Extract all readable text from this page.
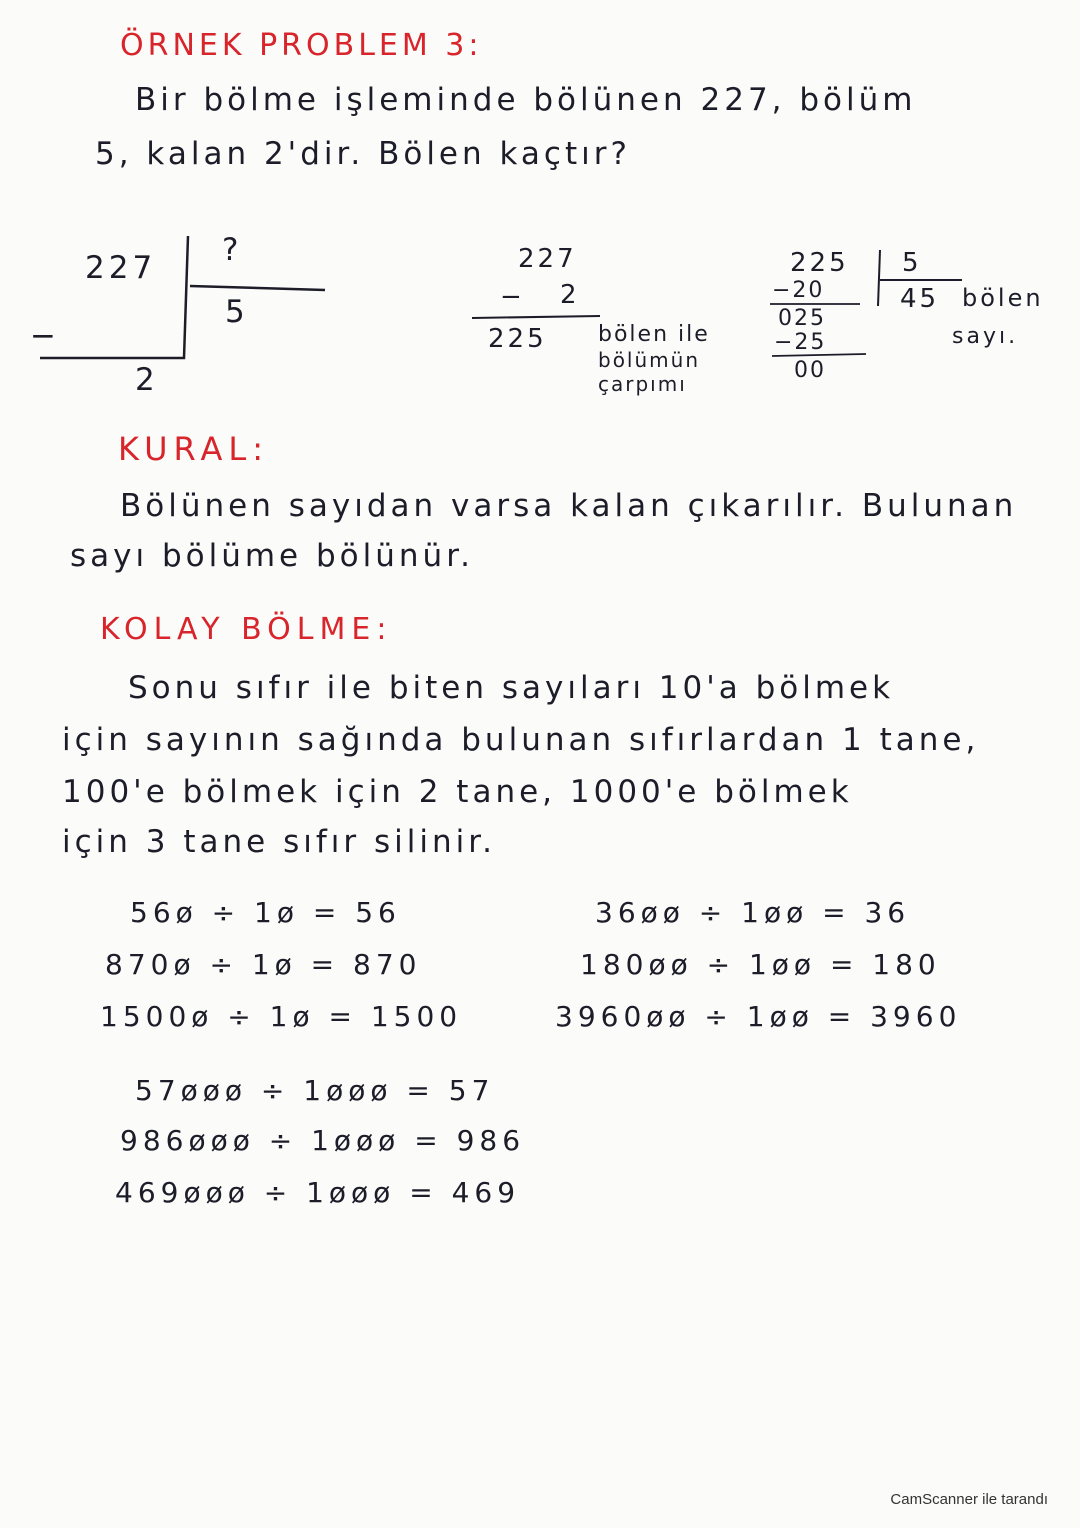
ÖRNEK PROBLEM 3:
Bir bölme işleminde bölünen 227, bölüm
5, kalan 2'dir. Bölen kaçtır?
227 ?
5
−
2
227
− 2
225 bölen ile
bölümün
çarpımı
225 5
−20	45 bölen
sayı.
025
−25
00
KURAL:
Bölünen sayıdan varsa kalan çıkarılır. Bulunan
sayı bölüme bölünür.
KOLAY BÖLME:
Sonu sıfır ile biten sayıları 10'a bölmek
için sayının sağında bulunan sıfırlardan 1 tane,
100'e bölmek için 2 tane, 1000'e bölmek
için 3 tane sıfır silinir.
56ø ÷ 1ø = 56
870ø ÷ 1ø = 870
1500ø ÷ 1ø = 1500
36øø ÷ 1øø = 36
180øø ÷ 1øø = 180
3960øø ÷ 1øø = 3960
57øøø ÷ 1øøø = 57
986øøø ÷ 1øøø = 986
469øøø ÷ 1øøø = 469
CamScanner ile tarandı
